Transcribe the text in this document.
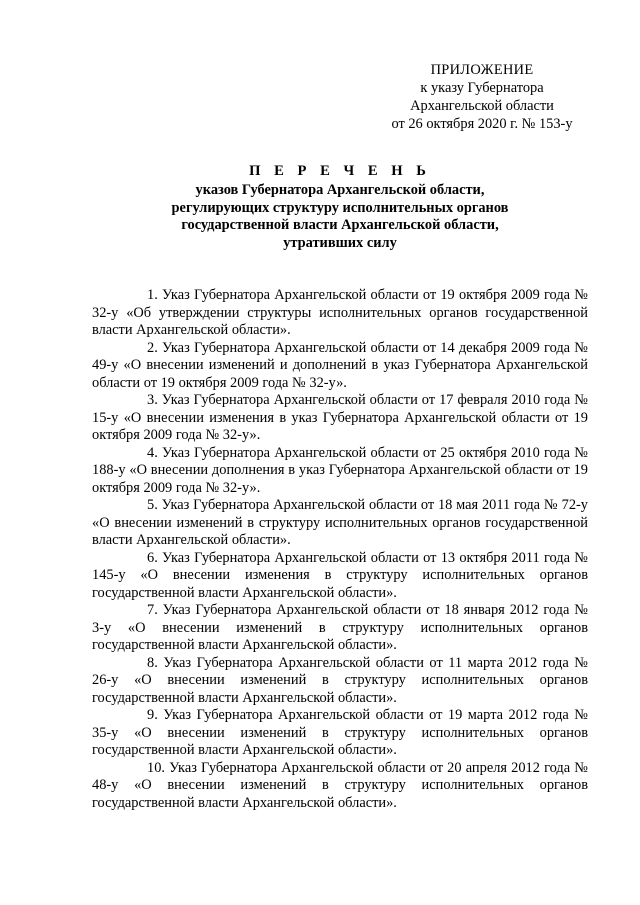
ПРИЛОЖЕНИЕ
к указу Губернатора
Архангельской области
от 26 октября 2020 г. № 153-у
П Е Р Е Ч Е Н Ь
указов Губернатора Архангельской области,
регулирующих структуру исполнительных органов
государственной власти Архангельской области,
утративших силу

1. Указ Губернатора Архангельской области от 19 октября 2009 года № 32-у «Об утверждении структуры исполнительных органов государственной власти Архангельской области».

2. Указ Губернатора Архангельской области от 14 декабря 2009 года № 49-у «О внесении изменений и дополнений в указ Губернатора Архангельской области от 19 октября 2009 года № 32-у».

3. Указ Губернатора Архангельской области от 17 февраля 2010 года № 15-у «О внесении изменения в указ Губернатора Архангельской области от 19 октября 2009 года № 32-у».

4. Указ Губернатора Архангельской области от 25 октября 2010 года № 188-у «О внесении дополнения в указ Губернатора Архангельской области от 19 октября 2009 года № 32-у».

5. Указ Губернатора Архангельской области от 18 мая 2011 года № 72-у «О внесении изменений в структуру исполнительных органов государственной власти Архангельской области».

6. Указ Губернатора Архангельской области от 13 октября 2011 года № 145-у «О внесении изменения в структуру исполнительных органов государственной власти Архангельской области».

7. Указ Губернатора Архангельской области от 18 января 2012 года № 3-у «О внесении изменений в структуру исполнительных органов государственной власти Архангельской области».

8. Указ Губернатора Архангельской области от 11 марта 2012 года № 26-у «О внесении изменений в структуру исполнительных органов государственной власти Архангельской области».

9. Указ Губернатора Архангельской области от 19 марта 2012 года № 35-у «О внесении изменений в структуру исполнительных органов государственной власти Архангельской области».

10. Указ Губернатора Архангельской области от 20 апреля 2012 года № 48-у «О внесении изменений в структуру исполнительных органов государственной власти Архангельской области».
